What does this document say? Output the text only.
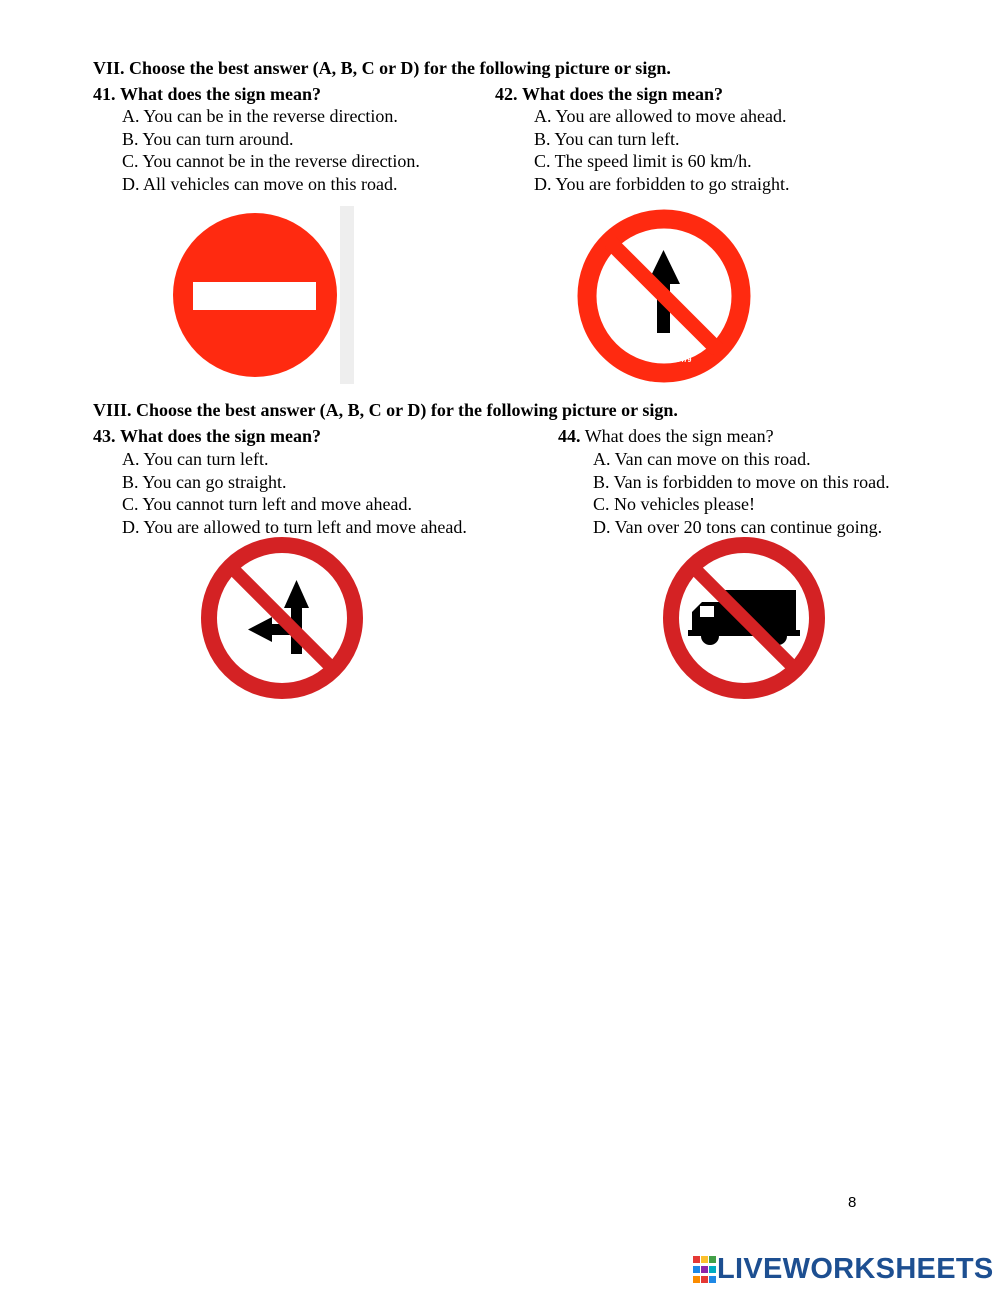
VII. Choose the best answer (A, B, C or D) for the following picture or sign.
41. What does the sign mean?
A. You can be in the reverse direction.
B. You can turn around.
C. You cannot be in the reverse direction.
D. All vehicles can move on this road.
42. What does the sign mean?
A. You are allowed to move ahead.
B. You can turn left.
C. The speed limit is 60 km/h.
D. You are forbidden to go straight.
0986.997.479
VIII. Choose the best answer (A, B, C or D) for the following picture or sign.
43. What does the sign mean?
A. You can turn left.
B. You can go straight.
C. You cannot turn left and move ahead.
D. You are allowed to turn left and move ahead.
44. What does the sign mean?
A. Van can move on this road.
B. Van is forbidden to move on this road.
C. No vehicles please!
D. Van over 20 tons can continue going.
8
LIVEWORKSHEETS
